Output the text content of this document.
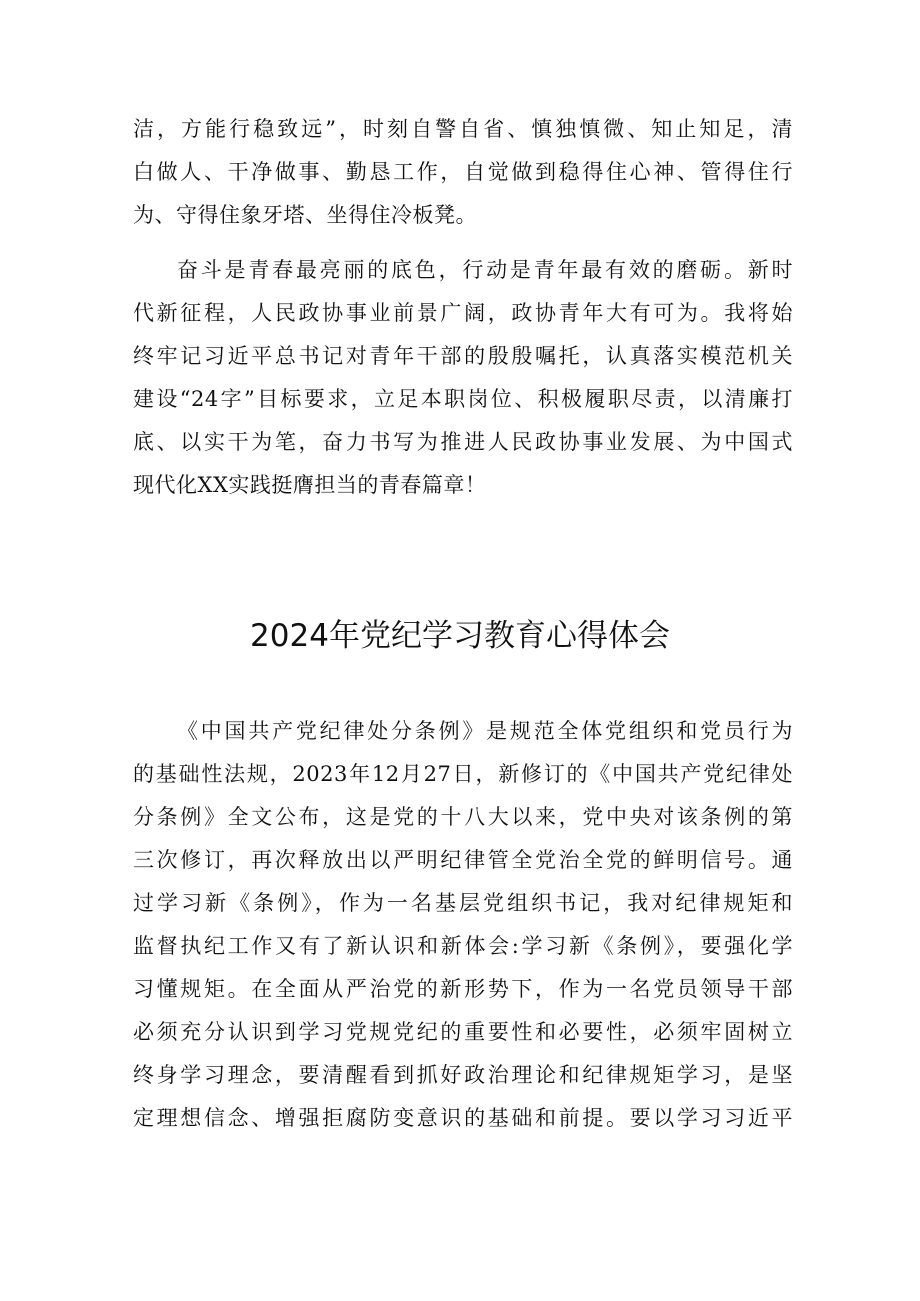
洁，方能行稳致远”，时刻自警自省、慎独慎微、知止知足，清
白做人、干净做事、勤恳工作，自觉做到稳得住心神、管得住行
为、守得住象牙塔、坐得住冷板凳。
奋斗是青春最亮丽的底色，行动是青年最有效的磨砺。新时
代新征程，人民政协事业前景广阔，政协青年大有可为。我将始
终牢记习近平总书记对青年干部的殷殷嘱托，认真落实模范机关
建设“24字”目标要求，立足本职岗位、积极履职尽责，以清廉打
底、以实干为笔，奋力书写为推进人民政协事业发展、为中国式
现代化XX实践挺膺担当的青春篇章！
2024年党纪学习教育心得体会
《中国共产党纪律处分条例》是规范全体党组织和党员行为
的基础性法规，2023年12月27日，新修订的《中国共产党纪律处
分条例》全文公布，这是党的十八大以来，党中央对该条例的第
三次修订，再次释放出以严明纪律管全党治全党的鲜明信号。通
过学习新《条例》，作为一名基层党组织书记，我对纪律规矩和
监督执纪工作又有了新认识和新体会:学习新《条例》，要强化学
习懂规矩。在全面从严治党的新形势下，作为一名党员领导干部
必须充分认识到学习党规党纪的重要性和必要性，必须牢固树立
终身学习理念，要清醒看到抓好政治理论和纪律规矩学习，是坚
定理想信念、增强拒腐防变意识的基础和前提。要以学习习近平
